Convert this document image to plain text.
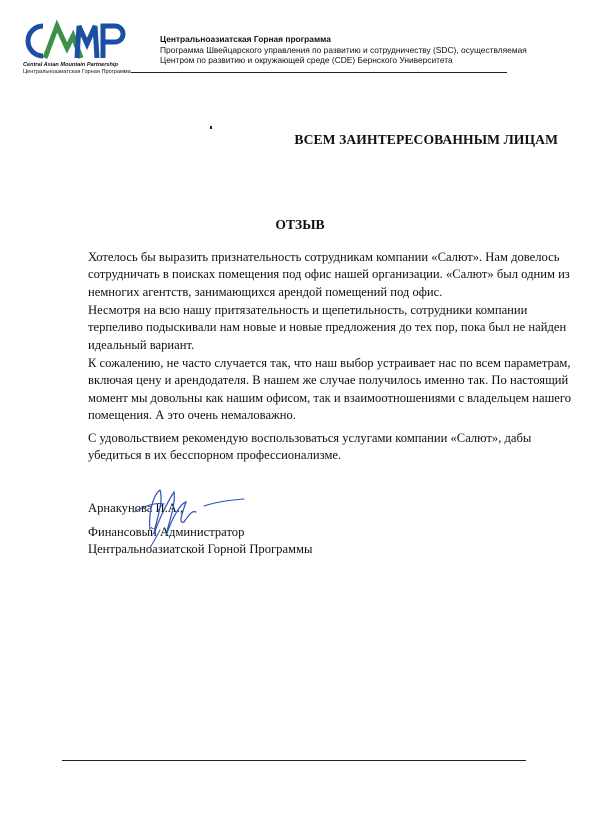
Central Asian Mountain Partnership
Центральноазиатская Горная Программа
Центральноазиатская Горная программа
Программа Швейцарского управления по развитию и сотрудничеству (SDC), осуществляемая
Центром по развитию и окружающей среде (CDE) Бернского Университета
ВСЕМ ЗАИНТЕРЕСОВАННЫМ ЛИЦАМ
ОТЗЫВ

Хотелось бы выразить признательность сотрудникам компании «Салют». Нам довелось
сотрудничать в поисках помещения под офис нашей организации. «Салют» был одним из
немногих агентств, занимающихся арендой помещений под офис.

Несмотря на всю нашу притязательность и щепетильность, сотрудники компании
терпеливо подыскивали нам новые и новые предложения до тех пор, пока был не найден
идеальный вариант.

К сожалению, не часто случается так, что наш выбор устраивает нас по всем параметрам,
включая цену и арендодателя. В нашем же случае получилось именно так. По настоящий
момент мы довольны как нашим офисом, так и взаимоотношениями с владельцем нашего
помещения. А это очень немаловажно.

С удовольствием рекомендую воспользоваться услугами компании «Салют», дабы
убедиться в их бесспорном профессионализме.

Арнакунова И.А.,
Финансовый Администратор
Центральноазиатской Горной Программы
